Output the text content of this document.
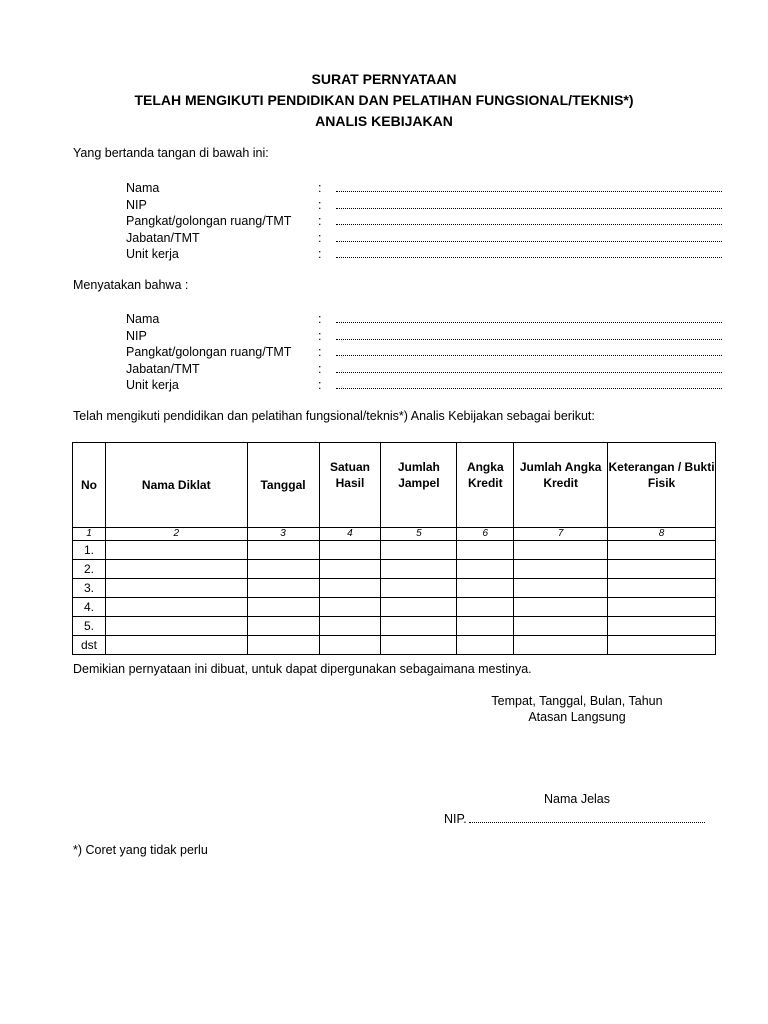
SURAT PERNYATAAN
TELAH MENGIKUTI PENDIDIKAN DAN PELATIHAN FUNGSIONAL/TEKNIS*)
ANALIS KEBIJAKAN
Yang bertanda tangan di bawah ini:
Nama	:
NIP	:
Pangkat/golongan ruang/TMT :
Jabatan/TMT	:
Unit kerja	:
Menyatakan bahwa :
Nama	:
NIP	:
Pangkat/golongan ruang/TMT :
Jabatan/TMT	:
Unit kerja	:
Telah mengikuti pendidikan dan pelatihan fungsional/teknis*) Analis Kebijakan sebagai berikut:
No	Nama Diklat	Tanggal	Satuan Hasil	Jumlah Jampel	Angka Kredit	Jumlah Angka Kredit	Keterangan / Bukti Fisik
1	2	3	4	5	6	7	8
1.							
2.							
3.							
4.							
5.							
dst							
Demikian pernyataan ini dibuat, untuk dapat dipergunakan sebagaimana mestinya.
Tempat, Tanggal, Bulan, Tahun
Atasan Langsung
Nama Jelas
NIP.
*) Coret yang tidak perlu
